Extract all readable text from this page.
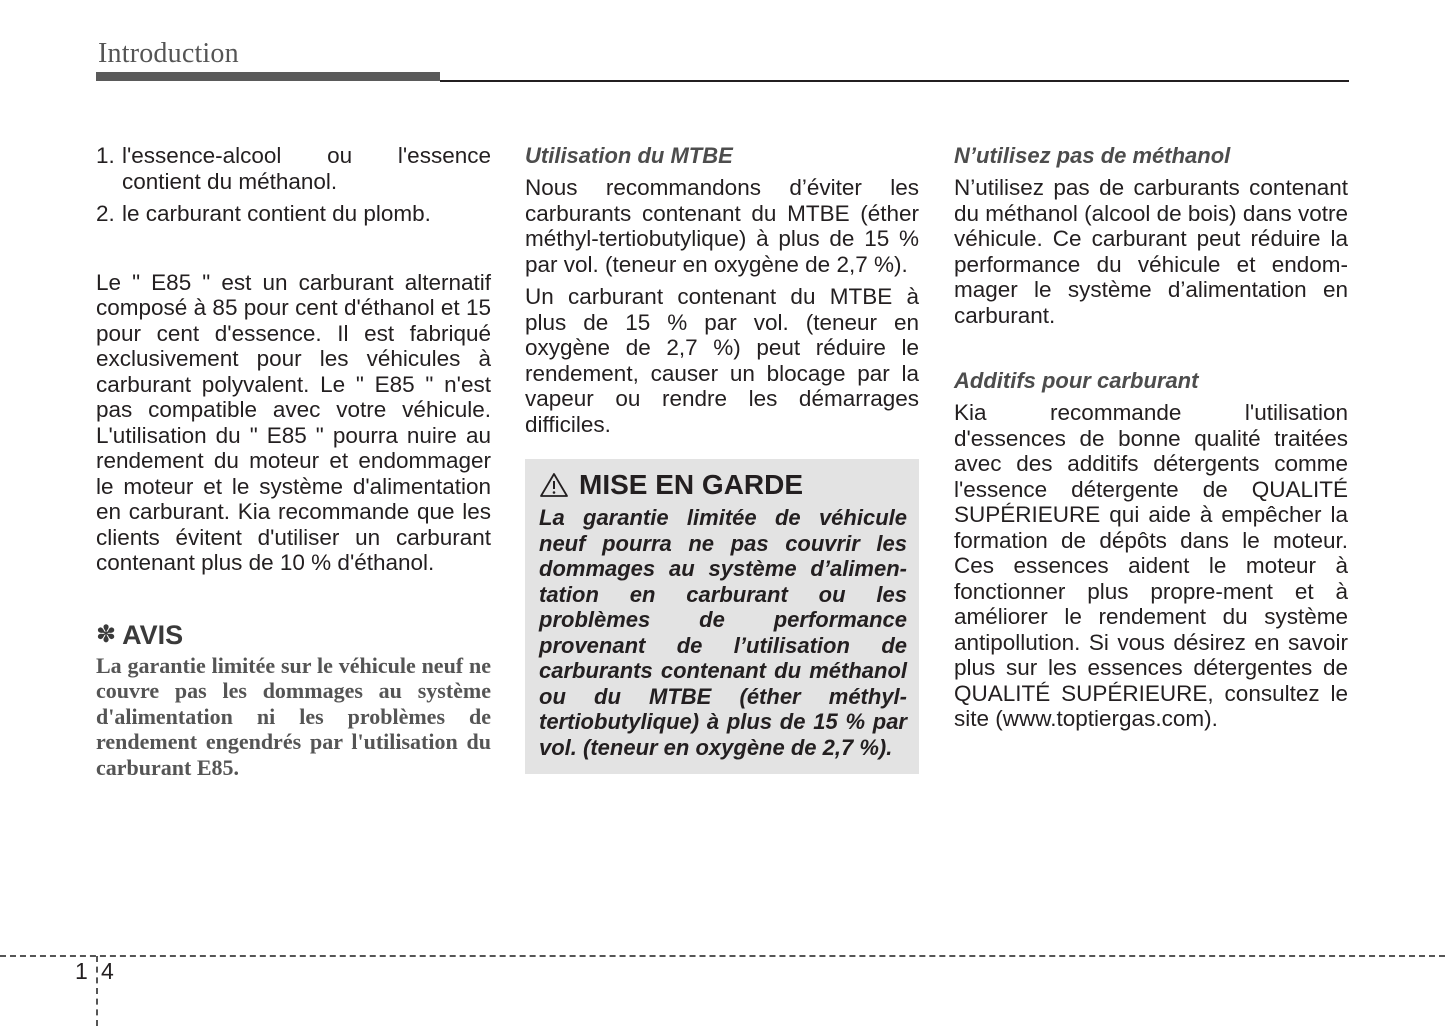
Introduction
1. l'essence-alcool ou l'essence contient du méthanol.
2. le carburant contient du plomb.

Le " E85 " est un carburant alternatif composé à 85 pour cent d'éthanol et 15 pour cent d'essence. Il est fabriqué exclusivement pour les véhicules à carburant polyvalent. Le " E85 " n'est pas compatible avec votre véhicule. L'utilisation du " E85 " pourra nuire au rendement du moteur et endommager le moteur et le système d'alimentation en carburant. Kia recommande que les clients évitent d'utiliser un carburant contenant plus de 10 % d'éthanol.

✽ AVIS

La garantie limitée sur le véhicule neuf ne couvre pas les dommages au système d'alimentation ni les problèmes de rendement engendrés par l'utilisation du carburant E85.

Utilisation du MTBE

Nous recommandons d’éviter les carburants contenant du MTBE (éther méthyl-tertiobutylique) à plus de 15 % par vol. (teneur en oxygène de 2,7 %).

Un carburant contenant du MTBE à plus de 15 % par vol. (teneur en oxygène de 2,7 %) peut réduire le rendement, causer un blocage par la vapeur ou rendre les démarrages difficiles.

MISE EN GARDE

La garantie limitée de véhicule neuf pourra ne pas couvrir les dommages au système d’alimen-tation en carburant ou les problèmes de performance provenant de l’utilisation de carburants contenant du méthanol ou du MTBE (éther méthyl-tertiobutylique) à plus de 15 % par vol. (teneur en oxygène de 2,7 %).

N’utilisez pas de méthanol

N’utilisez pas de carburants contenant du méthanol (alcool de bois) dans votre véhicule. Ce carburant peut réduire la performance du véhicule et endom-mager le système d’alimentation en carburant.

Additifs pour carburant

Kia recommande l'utilisation d'essences de bonne qualité traitées avec des additifs détergents comme l'essence détergente de QUALITÉ SUPÉRIEURE qui aide à empêcher la formation de dépôts dans le moteur. Ces essences aident le moteur à fonctionner plus propre-ment et à améliorer le rendement du système antipollution. Si vous désirez en savoir plus sur les essences détergentes de QUALITÉ SUPÉRIEURE, consultez le site (www.toptiergas.com).

1 4
